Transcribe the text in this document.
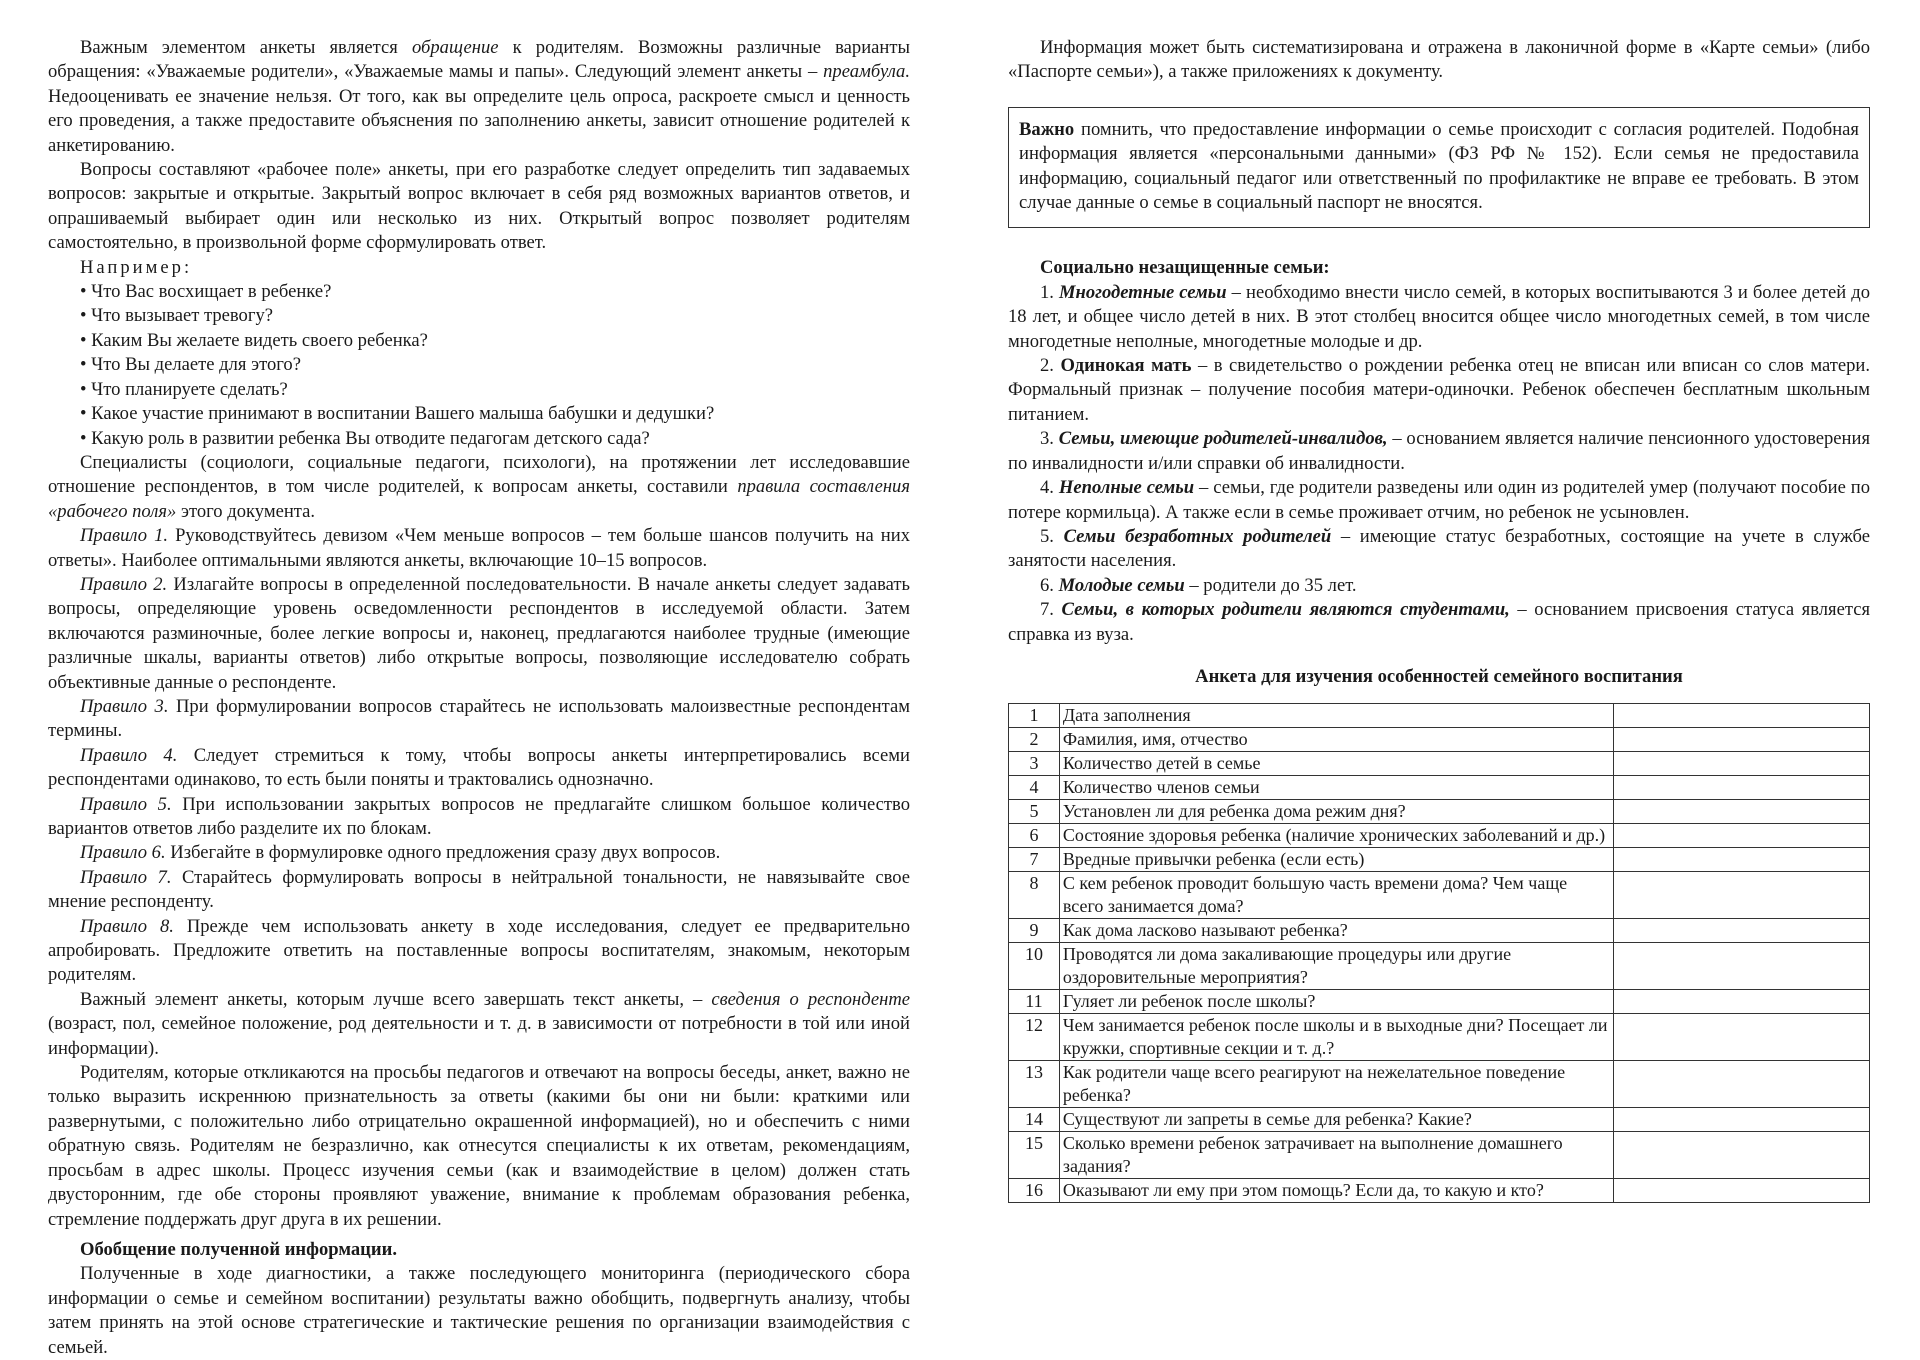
Важным элементом анкеты является обращение к родителям. Возможны различные варианты обращения: «Уважаемые родители», «Уважаемые мамы и папы». Следующий элемент анкеты – преамбула. Недооценивать ее значение нельзя. От того, как вы определите цель опроса, раскроете смысл и ценность его проведения, а также предоставите объяснения по заполнению анкеты, зависит отношение родителей к анкетированию.

Вопросы составляют «рабочее поле» анкеты, при его разработке следует определить тип задаваемых вопросов: закрытые и открытые. Закрытый вопрос включает в себя ряд возможных вариантов ответов, и опрашиваемый выбирает один или несколько из них. Открытый вопрос позволяет родителям самостоятельно, в произвольной форме сформулировать ответ.

Например:

• Что Вас восхищает в ребенке?
• Что вызывает тревогу?
• Каким Вы желаете видеть своего ребенка?
• Что Вы делаете для этого?
• Что планируете сделать?
• Какое участие принимают в воспитании Вашего малыша бабушки и дедушки?
• Какую роль в развитии ребенка Вы отводите педагогам детского сада?

Специалисты (социологи, социальные педагоги, психологи), на протяжении лет исследовавшие отношение респондентов, в том числе родителей, к вопросам анкеты, составили правила составления «рабочего поля» этого документа.

Правило 1. Руководствуйтесь девизом «Чем меньше вопросов – тем больше шансов получить на них ответы». Наиболее оптимальными являются анкеты, включающие 10–15 вопросов.

Правило 2. Излагайте вопросы в определенной последовательности. В начале анкеты следует задавать вопросы, определяющие уровень осведомленности респондентов в исследуемой области. Затем включаются разминочные, более легкие вопросы и, наконец, предлагаются наиболее трудные (имеющие различные шкалы, варианты ответов) либо открытые вопросы, позволяющие исследователю собрать объективные данные о респонденте.

Правило 3. При формулировании вопросов старайтесь не использовать малоизвестные респондентам термины.

Правило 4. Следует стремиться к тому, чтобы вопросы анкеты интерпретировались всеми респондентами одинаково, то есть были поняты и трактовались однозначно.

Правило 5. При использовании закрытых вопросов не предлагайте слишком большое количество вариантов ответов либо разделите их по блокам.

Правило 6. Избегайте в формулировке одного предложения сразу двух вопросов.

Правило 7. Старайтесь формулировать вопросы в нейтральной тональности, не навязывайте свое мнение респонденту.

Правило 8. Прежде чем использовать анкету в ходе исследования, следует ее предварительно апробировать. Предложите ответить на поставленные вопросы воспитателям, знакомым, некоторым родителям.

Важный элемент анкеты, которым лучше всего завершать текст анкеты, – сведения о респонденте (возраст, пол, семейное положение, род деятельности и т. д. в зависимости от потребности в той или иной информации).

Родителям, которые откликаются на просьбы педагогов и отвечают на вопросы беседы, анкет, важно не только выразить искреннюю признательность за ответы (какими бы они ни были: краткими или развернутыми, с положительно либо отрицательно окрашенной информацией), но и обеспечить с ними обратную связь. Родителям не безразлично, как отнесутся специалисты к их ответам, рекомендациям, просьбам в адрес школы. Процесс изучения семьи (как и взаимодействие в целом) должен стать двусторонним, где обе стороны проявляют уважение, внимание к проблемам образования ребенка, стремление поддержать друг друга в их решении.

Обобщение полученной информации.

Полученные в ходе диагностики, а также последующего мониторинга (периодического сбора информации о семье и семейном воспитании) результаты важно обобщить, подвергнуть анализу, чтобы затем принять на этой основе стратегические и тактические решения по организации взаимодействия с семьей.

Информация может быть систематизирована и отражена в лаконичной форме в «Карте семьи» (либо «Паспорте семьи»), а также приложениях к документу.

Важно помнить, что предоставление информации о семье происходит с согласия родителей. Подобная информация является «персональными данными» (ФЗ РФ № 152). Если семья не предоставила информацию, социальный педагог или ответственный по профилактике не вправе ее требовать. В этом случае данные о семье в социальный паспорт не вносятся.

Социально незащищенные семьи:

1. Многодетные семьи – необходимо внести число семей, в которых воспитываются 3 и более детей до 18 лет, и общее число детей в них. В этот столбец вносится общее число многодетных семей, в том числе многодетные неполные, многодетные молодые и др.

2. Одинокая мать – в свидетельство о рождении ребенка отец не вписан или вписан со слов матери. Формальный признак – получение пособия матери-одиночки. Ребенок обеспечен бесплатным школьным питанием.

3. Семьи, имеющие родителей-инвалидов, – основанием является наличие пенсионного удостоверения по инвалидности и/или справки об инвалидности.

4. Неполные семьи – семьи, где родители разведены или один из родителей умер (получают пособие по потере кормильца). А также если в семье проживает отчим, но ребенок не усыновлен.

5. Семьи безработных родителей – имеющие статус безработных, состоящие на учете в службе занятости населения.

6. Молодые семьи – родители до 35 лет.

7. Семьи, в которых родители являются студентами, – основанием присвоения статуса является справка из вуза.

Анкета для изучения особенностей семейного воспитания

1	Дата заполнения	
2	Фамилия, имя, отчество	
3	Количество детей в семье	
4	Количество членов семьи	
5	Установлен ли для ребенка дома режим дня?	
6	Состояние здоровья ребенка (наличие хронических заболеваний и др.)	
7	Вредные привычки ребенка (если есть)	
8	С кем ребенок проводит большую часть времени дома? Чем чаще всего занимается дома?	
9	Как дома ласково называют ребенка?	
10	Проводятся ли дома закаливающие процедуры или другие оздоровительные мероприятия?	
11	Гуляет ли ребенок после школы?	
12	Чем занимается ребенок после школы и в выходные дни? Посещает ли кружки, спортивные секции и т. д.?	
13	Как родители чаще всего реагируют на нежелательное поведение ребенка?	
14	Существуют ли запреты в семье для ребенка? Какие?	
15	Сколько времени ребенок затрачивает на выполнение домашнего задания?	
16	Оказывают ли ему при этом помощь? Если да, то какую и кто?	
